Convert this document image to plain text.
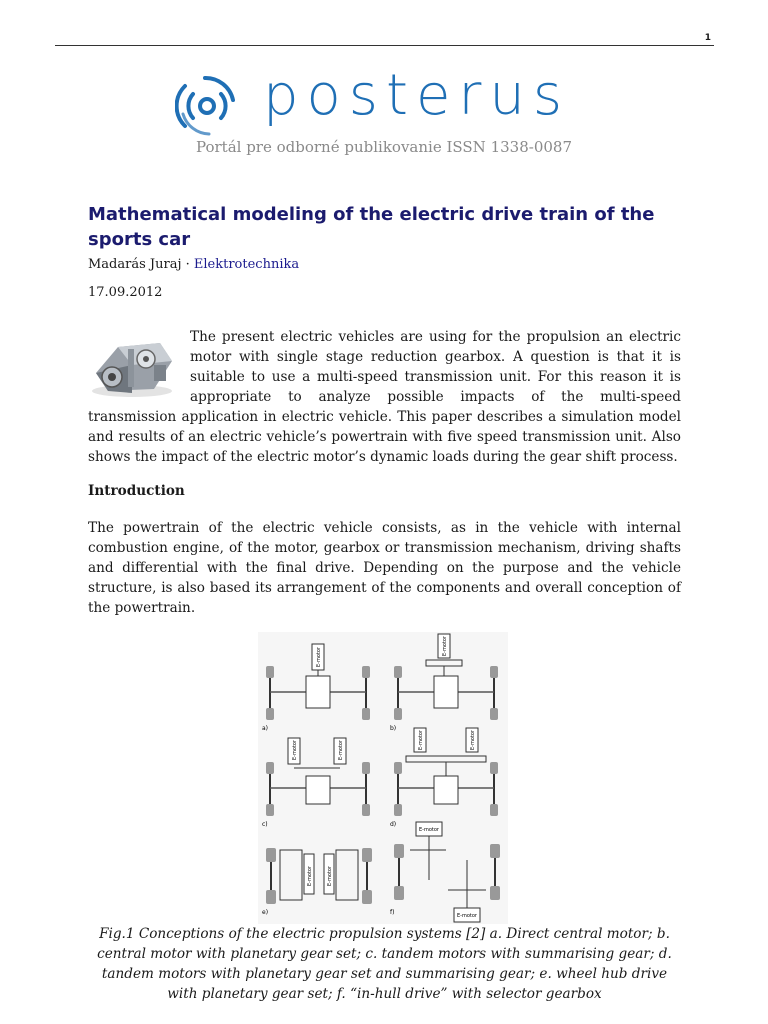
1
posterus
Portál pre odborné publikovanie ISSN 1338-0087
Mathematical modeling of the electric drive train of the sports car
Madarás Juraj · Elektrotechnika
17.09.2012
The present electric vehicles are using for the propulsion an electric motor with single stage reduction gearbox. A question is that it is suitable to use a multi-speed transmission unit. For this reason it is appropriate to analyze possible impacts of the multi-speed transmission application in electric vehicle. This paper describes a simulation model and results of an electric vehicle’s powertrain with five speed transmission unit. Also shows the impact of the electric motor’s dynamic loads during the gear shift process.
Introduction

The powertrain of the electric vehicle consists, as in the vehicle with internal combustion engine, of the motor, gearbox or transmission mechanism, driving shafts and differential with the final drive. Depending on the purpose and the vehicle structure, is also based its arrangement of the components and overall conception of the powertrain.

E-motor
a)
E-motor
b)
E-motor	E-motor
c)
E-motor	E-motor
d)
E-motor	E-motor
e)
E-motor
E-motor
f)

Fig.1 Conceptions of the electric propulsion systems [2] a. Direct central motor; b. central motor with planetary gear set; c. tandem motors with summarising gear; d. tandem motors with planetary gear set and summarising gear; e. wheel hub drive with planetary gear set; f. “in-hull drive” with selector gearbox
